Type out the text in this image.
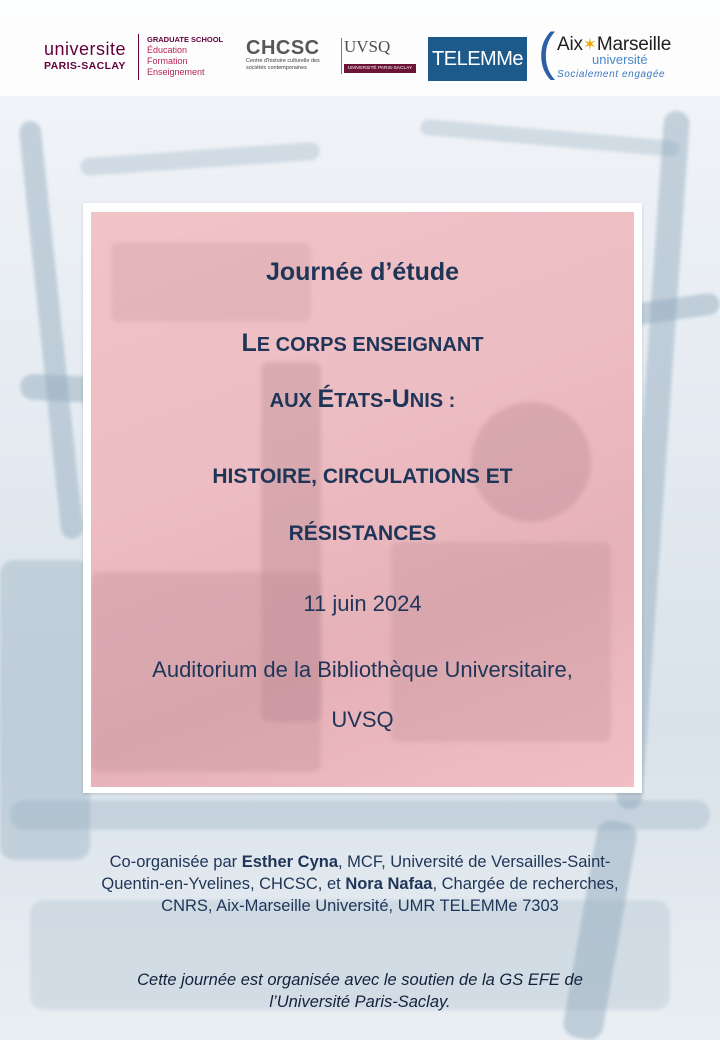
universite
PARIS-SACLAY
GRADUATE SCHOOL
Éducation
Formation
Enseignement
CHCSC
Centre d'histoire culturelle des sociétés contemporaines
UVSQ
UNIVERSITÉ PARIS-SACLAY TELEMMe ( Aix✶Marseille
université
Socialement engagée
Journée d’étude
LE CORPS ENSEIGNANT
AUX ÉTATS-UNIS :
HISTOIRE, CIRCULATIONS ET
RÉSISTANCES
11 juin 2024
Auditorium de la Bibliothèque Universitaire,
UVSQ
Co-organisée par Esther Cyna, MCF, Université de Versailles-Saint-
Quentin-en-Yvelines, CHCSC, et Nora Nafaa, Chargée de recherches,
CNRS, Aix-Marseille Université, UMR TELEMMe 7303
Cette journée est organisée avec le soutien de la GS EFE de
l’Université Paris-Saclay.
